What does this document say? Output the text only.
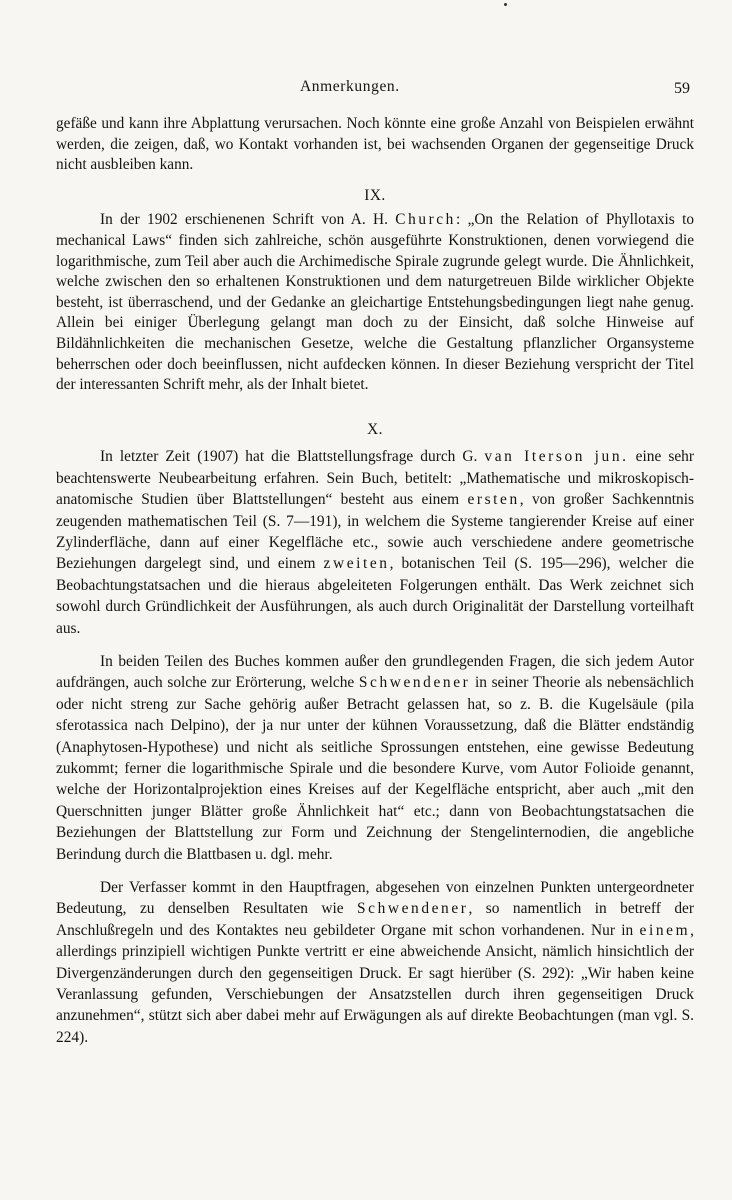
Anmerkungen.	59

gefäße und kann ihre Abplattung verursachen. Noch könnte eine große Anzahl von Beispielen erwähnt werden, die zeigen, daß, wo Kontakt vorhanden ist, bei wachsenden Organen der gegenseitige Druck nicht ausbleiben kann.

IX.

In der 1902 erschienenen Schrift von A. H. Church: „On the Relation of Phyllotaxis to mechanical Laws“ finden sich zahlreiche, schön ausgeführte Konstruktionen, denen vorwiegend die logarithmische, zum Teil aber auch die Archimedische Spirale zugrunde gelegt wurde. Die Ähnlichkeit, welche zwischen den so erhaltenen Konstruktionen und dem naturgetreuen Bilde wirklicher Objekte besteht, ist überraschend, und der Gedanke an gleichartige Entstehungsbedingungen liegt nahe genug. Allein bei einiger Überlegung gelangt man doch zu der Einsicht, daß solche Hinweise auf Bildähnlichkeiten die mechanischen Gesetze, welche die Gestaltung pflanzlicher Organsysteme beherrschen oder doch beeinflussen, nicht aufdecken können. In dieser Beziehung verspricht der Titel der interessanten Schrift mehr, als der Inhalt bietet.

X.

In letzter Zeit (1907) hat die Blattstellungsfrage durch G. van Iterson jun. eine sehr beachtenswerte Neubearbeitung erfahren. Sein Buch, betitelt: „Mathematische und mikroskopisch-anatomische Studien über Blattstellungen“ besteht aus einem ersten, von großer Sachkenntnis zeugenden mathematischen Teil (S. 7—191), in welchem die Systeme tangierender Kreise auf einer Zylinderfläche, dann auf einer Kegelfläche etc., sowie auch verschiedene andere geometrische Beziehungen dargelegt sind, und einem zweiten, botanischen Teil (S. 195—296), welcher die Beobachtungstatsachen und die hieraus abgeleiteten Folgerungen enthält. Das Werk zeichnet sich sowohl durch Gründlichkeit der Ausführungen, als auch durch Originalität der Darstellung vorteilhaft aus.

In beiden Teilen des Buches kommen außer den grundlegenden Fragen, die sich jedem Autor aufdrängen, auch solche zur Erörterung, welche Schwendener in seiner Theorie als nebensächlich oder nicht streng zur Sache gehörig außer Betracht gelassen hat, so z. B. die Kugelsäule (pila sferotassica nach Delpino), der ja nur unter der kühnen Voraussetzung, daß die Blätter endständig (Anaphytosen-Hypothese) und nicht als seitliche Sprossungen entstehen, eine gewisse Bedeutung zukommt; ferner die logarithmische Spirale und die besondere Kurve, vom Autor Folioide genannt, welche der Horizontalprojektion eines Kreises auf der Kegelfläche entspricht, aber auch „mit den Querschnitten junger Blätter große Ähnlichkeit hat“ etc.; dann von Beobachtungstatsachen die Beziehungen der Blattstellung zur Form und Zeichnung der Stengelinternodien, die angebliche Berindung durch die Blattbasen u. dgl. mehr.

Der Verfasser kommt in den Hauptfragen, abgesehen von einzelnen Punkten untergeordneter Bedeutung, zu denselben Resultaten wie Schwendener, so namentlich in betreff der Anschlußregeln und des Kontaktes neu gebildeter Organe mit schon vorhandenen. Nur in einem, allerdings prinzipiell wichtigen Punkte vertritt er eine abweichende Ansicht, nämlich hinsichtlich der Divergenzänderungen durch den gegenseitigen Druck. Er sagt hierüber (S. 292): „Wir haben keine Veranlassung gefunden, Verschiebungen der Ansatzstellen durch ihren gegenseitigen Druck anzunehmen“, stützt sich aber dabei mehr auf Erwägungen als auf direkte Beobachtungen (man vgl. S. 224).
